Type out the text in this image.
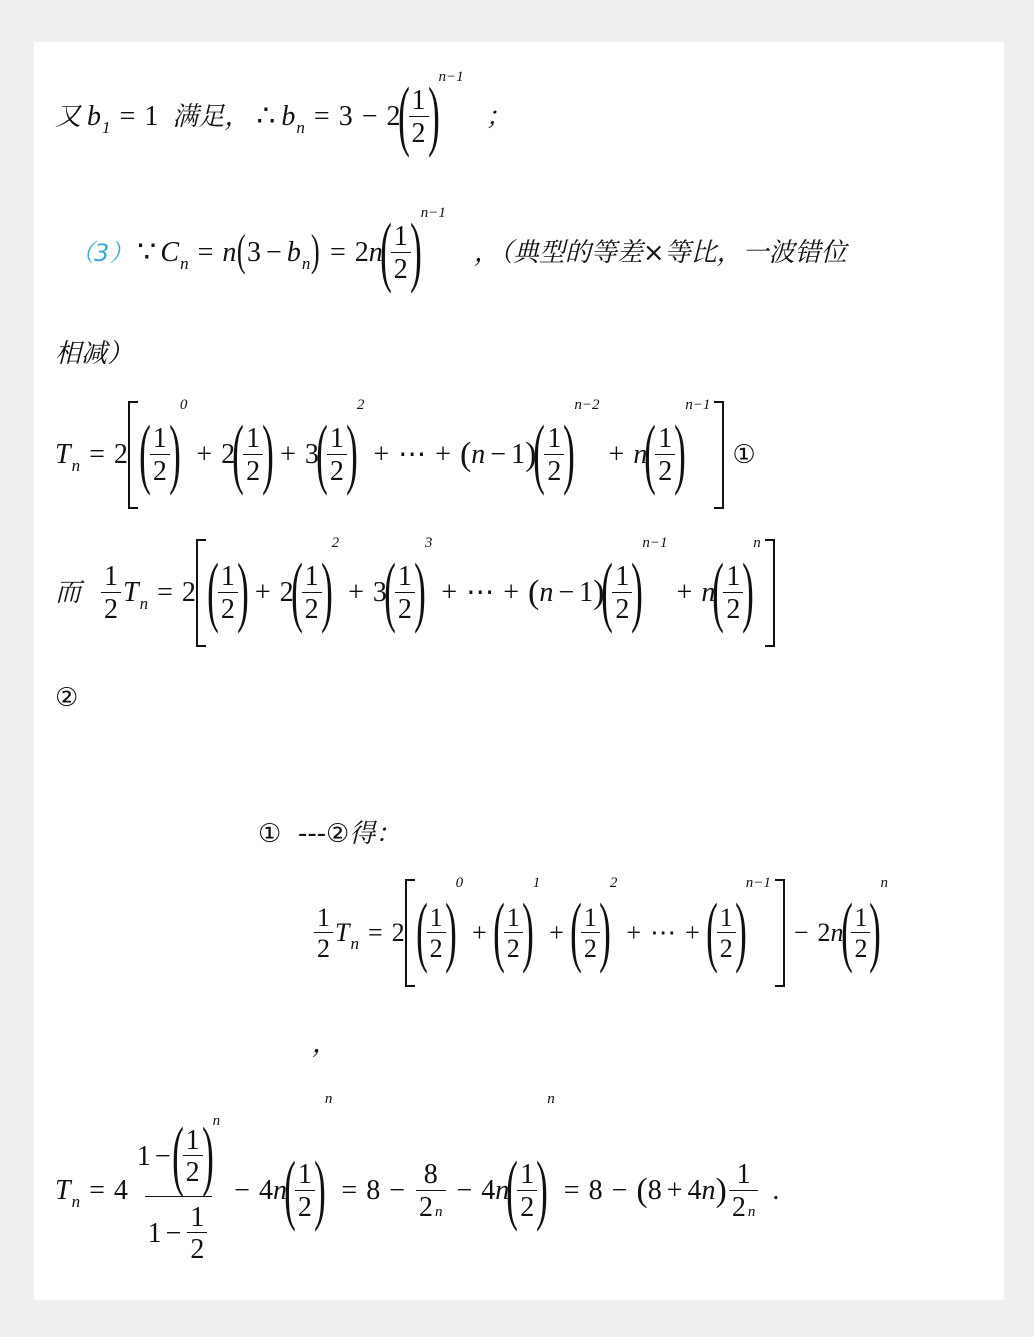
又 b 1 = 1 满足， ∴ b n = 3 − 2
( $\frac{1}{2}$ ) n−1
；
（3） ∵ C n = n ( 3 − b n ) = 2 n
( $\frac{1}{2}$ ) n−1
，（典型的等差×等比，一波错位
相减）
T n = 2 ( $\frac{1}{2}$ )
0
+ 2
( $\frac{1}{2}$ ) + 3
( $\frac{1}{2}$ )
2
+ ⋯ + ( n − 1 )
( $\frac{1}{2}$ )
n−2
+ n
( $\frac{1}{2}$ )
n−1
①
而 $\frac{1}{2}$ T n = 2 ( $\frac{1}{2}$ ) + 2
( $\frac{1}{2}$ )
2
+ 3
( $\frac{1}{2}$ )
3
+ ⋯ + ( n − 1 )
( $\frac{1}{2}$ )
n−1
+ n
( $\frac{1}{2}$ )
n
②
①  ---②得：
$\frac{1}{2}$ T n = 2 ( $\frac{1}{2}$ )
0
+ ( $\frac{1}{2}$ )
1
+ ( $\frac{1}{2}$ )
2
+ ⋯ + ( $\frac{1}{2}$ )
n−1
− 2 n
( $\frac{1}{2}$ )
n
，
T $n = 4 \frac{1 - ( \frac{1}{2} ) n}{1 - \frac{1}{2}} - 4$ n
( $\frac{1}{2}$ )
n
= $8 - \frac{8}{2 n} - 4$ n
( $\frac{1}{2}$ )
n
= 8 − ( 8 + 4 n ) $\frac{1}{2 n}$ .
